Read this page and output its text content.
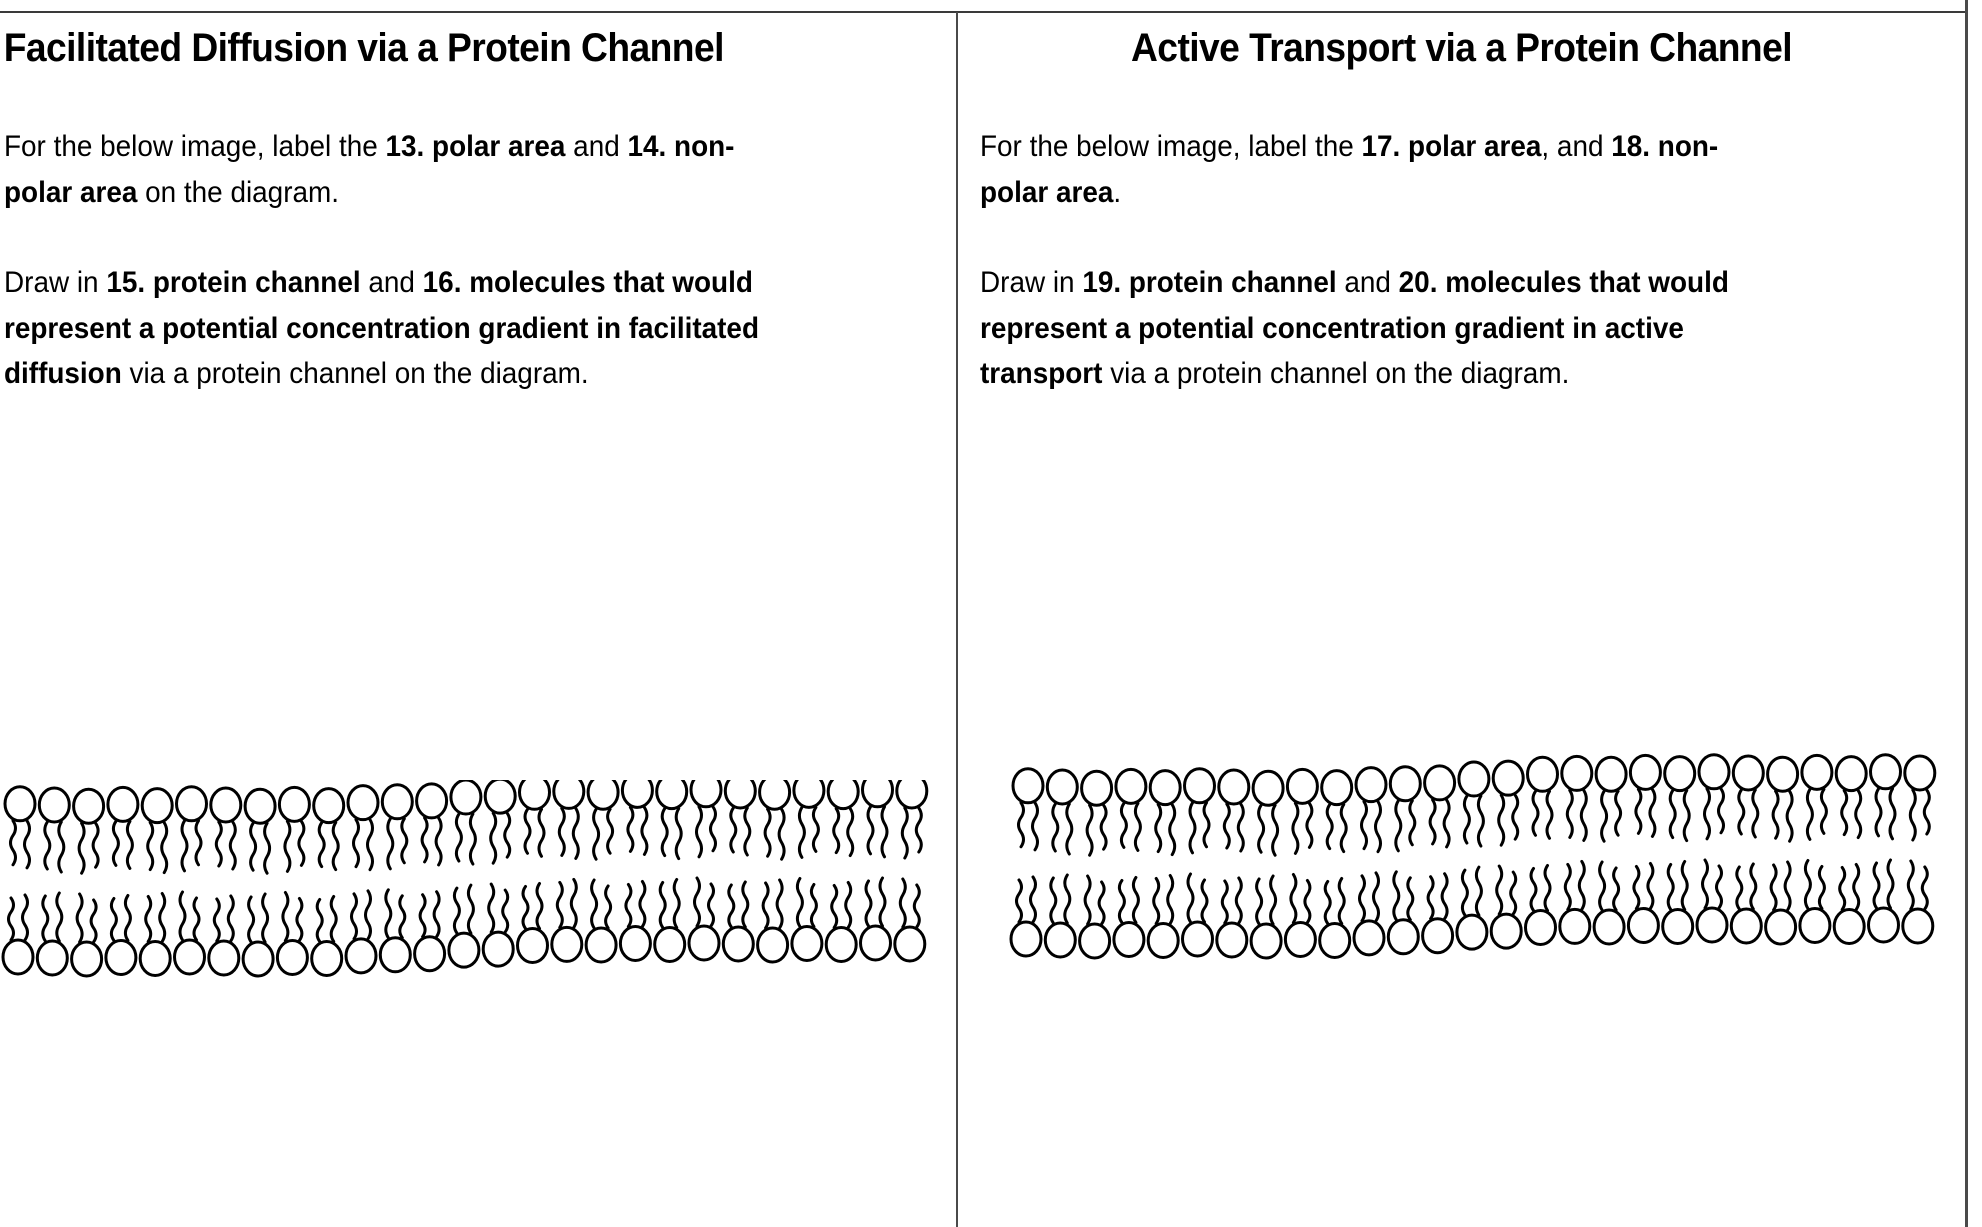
Facilitated Diffusion via a Protein Channel
For the below image, label the 13. polar area and 14. non-
polar area on the diagram.
Draw in 15. protein channel and 16. molecules that would
represent a potential concentration gradient in facilitated
diffusion via a protein channel on the diagram.
Active Transport via a Protein Channel
For the below image, label the 17. polar area, and 18. non-
polar area.
Draw in 19. protein channel and 20. molecules that would
represent a potential concentration gradient in active
transport via a protein channel on the diagram.
